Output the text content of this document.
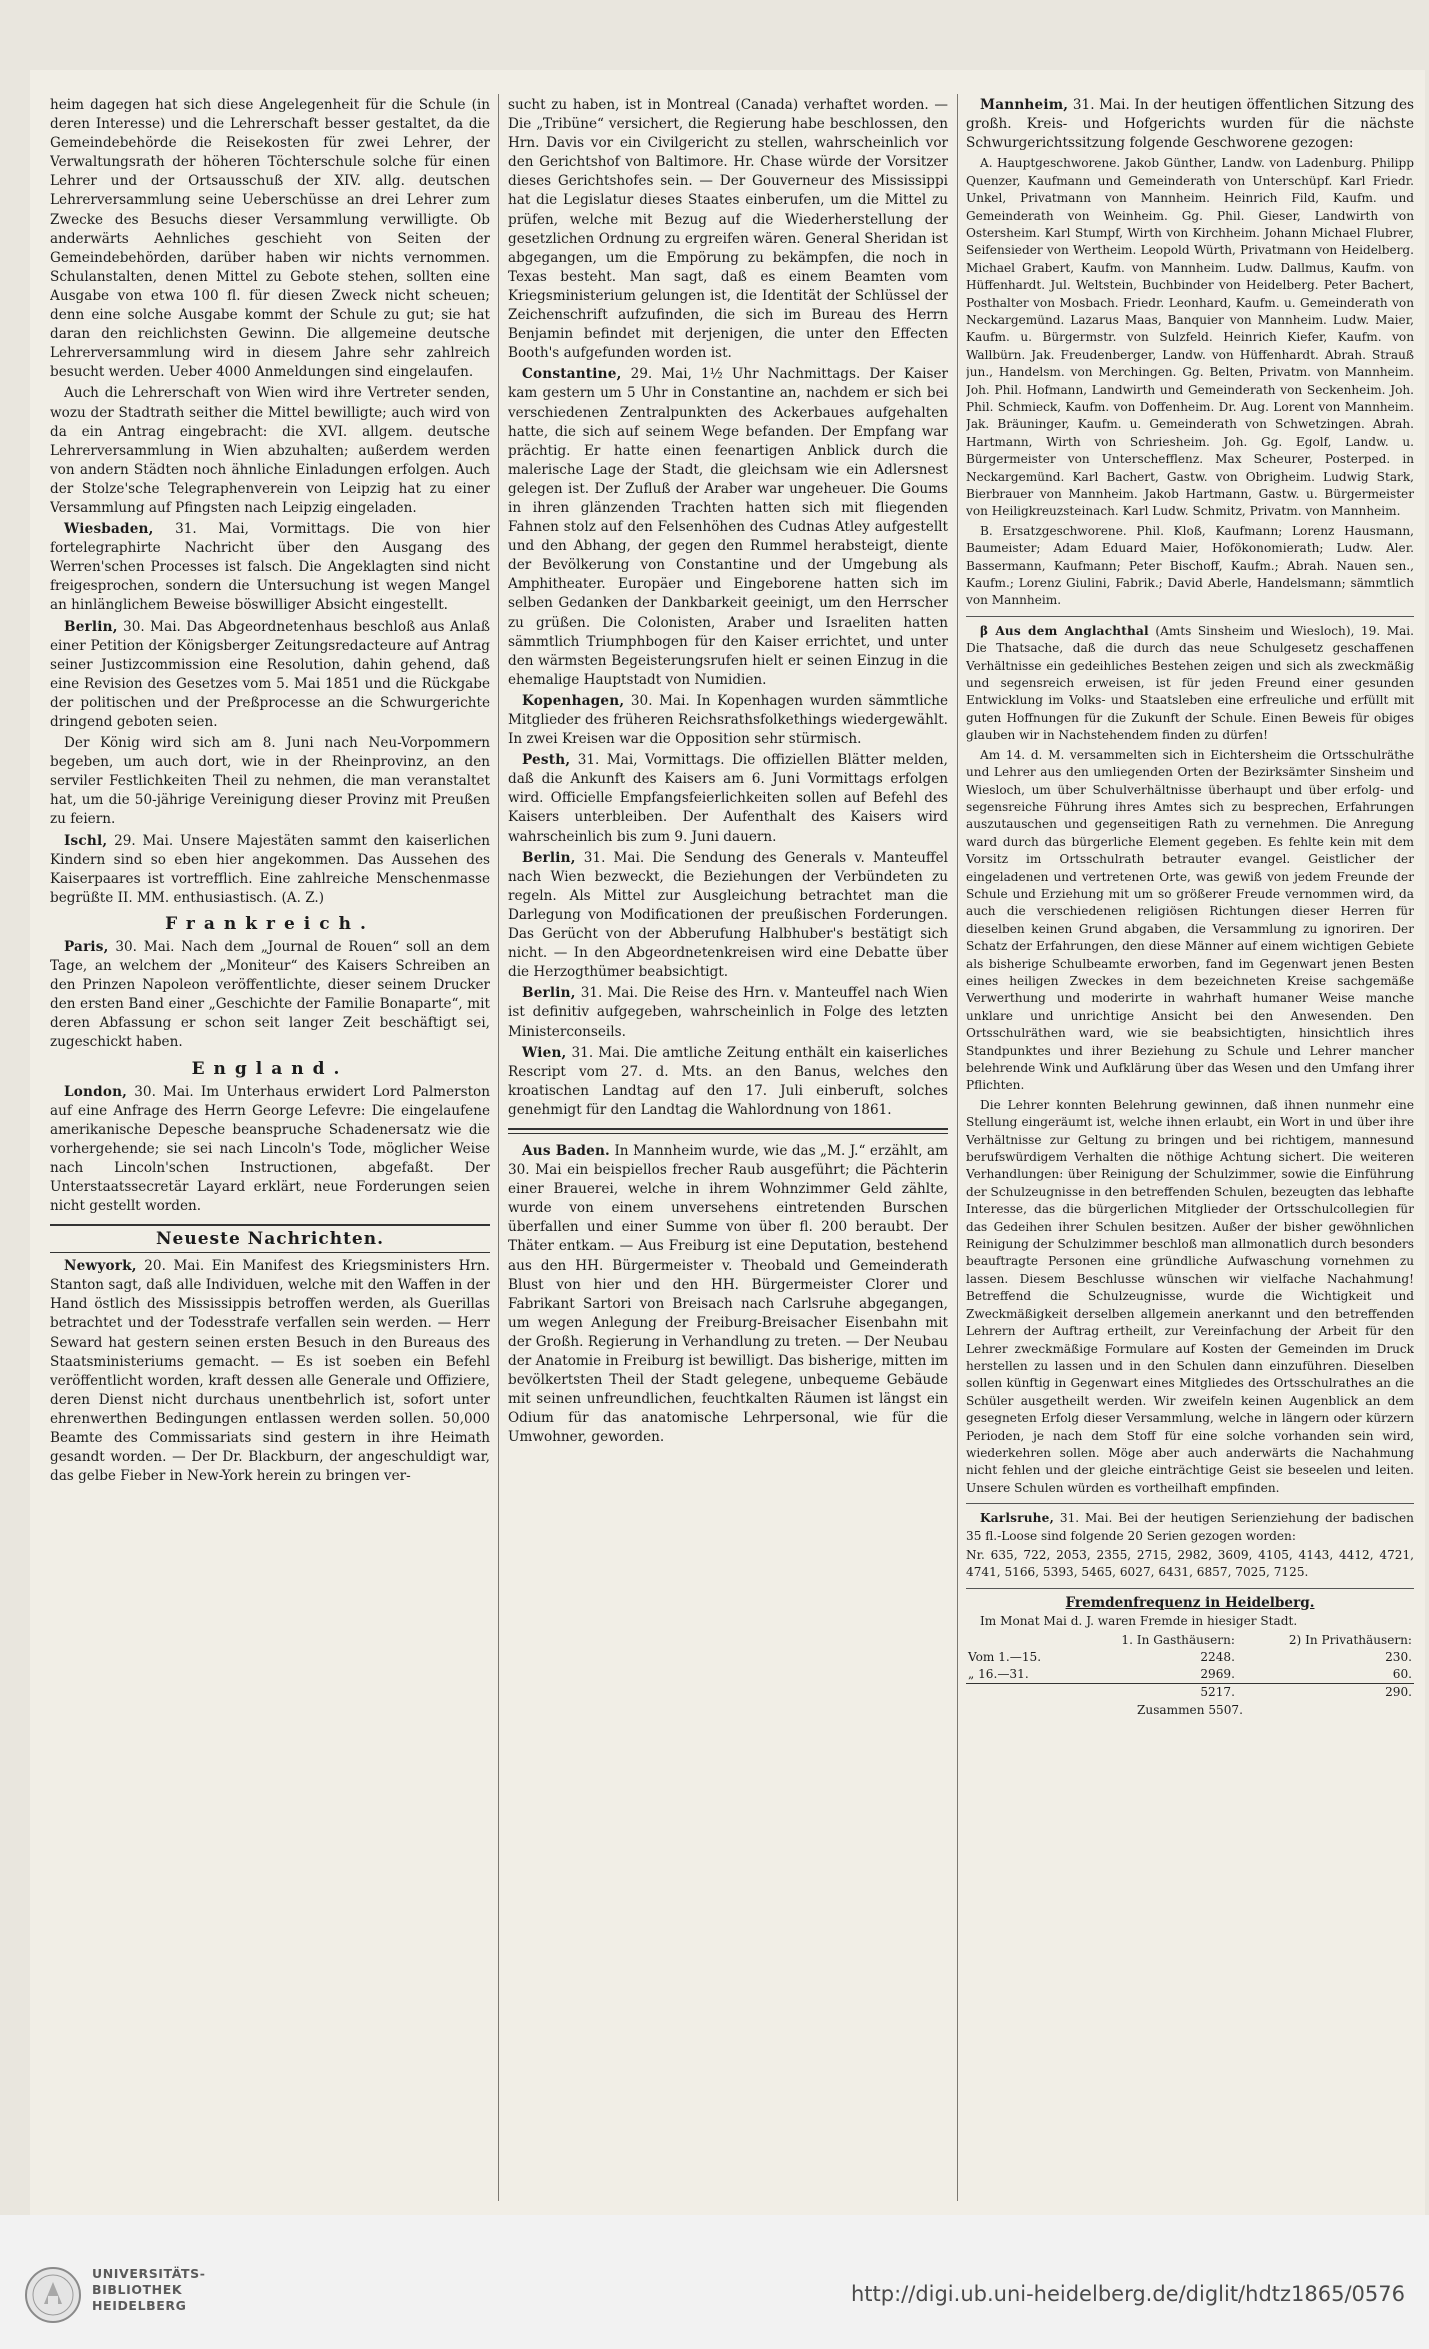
heim dagegen hat sich diese Angelegenheit für die Schule (in deren Interesse) und die Lehrerschaft besser gestaltet, da die Gemeindebehörde die Reisekosten für zwei Lehrer, der Verwaltungsrath der höheren Töchterschule solche für einen Lehrer und der Ortsausschuß der XIV. allg. deutschen Lehrerversammlung seine Ueberschüsse an drei Lehrer zum Zwecke des Besuchs dieser Versammlung verwilligte. Ob anderwärts Aehnliches geschieht von Seiten der Gemeindebehörden, darüber haben wir nichts vernommen. Schulanstalten, denen Mittel zu Gebote stehen, sollten eine Ausgabe von etwa 100 fl. für diesen Zweck nicht scheuen; denn eine solche Ausgabe kommt der Schule zu gut; sie hat daran den reichlichsten Gewinn. Die allgemeine deutsche Lehrerversammlung wird in diesem Jahre sehr zahlreich besucht werden. Ueber 4000 Anmeldungen sind eingelaufen.

Auch die Lehrerschaft von Wien wird ihre Vertreter senden, wozu der Stadtrath seither die Mittel bewilligte; auch wird von da ein Antrag eingebracht: die XVI. allgem. deutsche Lehrerversammlung in Wien abzuhalten; außerdem werden von andern Städten noch ähnliche Einladungen erfolgen. Auch der Stolze'sche Telegraphenverein von Leipzig hat zu einer Versammlung auf Pfingsten nach Leipzig eingeladen.

Wiesbaden, 31. Mai, Vormittags. Die von hier fortelegraphirte Nachricht über den Ausgang des Werren'schen Processes ist falsch. Die Angeklagten sind nicht freigesprochen, sondern die Untersuchung ist wegen Mangel an hinlänglichem Beweise böswilliger Absicht eingestellt.

Berlin, 30. Mai. Das Abgeordnetenhaus beschloß aus Anlaß einer Petition der Königsberger Zeitungsredacteure auf Antrag seiner Justizcommission eine Resolution, dahin gehend, daß eine Revision des Gesetzes vom 5. Mai 1851 und die Rückgabe der politischen und der Preßprocesse an die Schwurgerichte dringend geboten seien.

Der König wird sich am 8. Juni nach Neu-Vorpommern begeben, um auch dort, wie in der Rheinprovinz, an den serviler Festlichkeiten Theil zu nehmen, die man veranstaltet hat, um die 50-jährige Vereinigung dieser Provinz mit Preußen zu feiern.

Ischl, 29. Mai. Unsere Majestäten sammt den kaiserlichen Kindern sind so eben hier angekommen. Das Aussehen des Kaiserpaares ist vortrefflich. Eine zahlreiche Menschenmasse begrüßte II. MM. enthusiastisch. (A. Z.)

Frankreich.

Paris, 30. Mai. Nach dem „Journal de Rouen“ soll an dem Tage, an welchem der „Moniteur“ des Kaisers Schreiben an den Prinzen Napoleon veröffentlichte, dieser seinem Drucker den ersten Band einer „Geschichte der Familie Bonaparte“, mit deren Abfassung er schon seit langer Zeit beschäftigt sei, zugeschickt haben.

England.

London, 30. Mai. Im Unterhaus erwidert Lord Palmerston auf eine Anfrage des Herrn George Lefevre: Die eingelaufene amerikanische Depesche beanspruche Schadenersatz wie die vorhergehende; sie sei nach Lincoln's Tode, möglicher Weise nach Lincoln'schen Instructionen, abgefaßt. Der Unterstaatssecretär Layard erklärt, neue Forderungen seien nicht gestellt worden.

Neueste Nachrichten.

Newyork, 20. Mai. Ein Manifest des Kriegsministers Hrn. Stanton sagt, daß alle Individuen, welche mit den Waffen in der Hand östlich des Mississippis betroffen werden, als Guerillas betrachtet und der Todesstrafe verfallen sein werden. — Herr Seward hat gestern seinen ersten Besuch in den Bureaus des Staatsministeriums gemacht. — Es ist soeben ein Befehl veröffentlicht worden, kraft dessen alle Generale und Offiziere, deren Dienst nicht durchaus unentbehrlich ist, sofort unter ehrenwerthen Bedingungen entlassen werden sollen. 50,000 Beamte des Commissariats sind gestern in ihre Heimath gesandt worden. — Der Dr. Blackburn, der angeschuldigt war, das gelbe Fieber in New-York herein zu bringen ver-

sucht zu haben, ist in Montreal (Canada) verhaftet worden. — Die „Tribüne“ versichert, die Regierung habe beschlossen, den Hrn. Davis vor ein Civilgericht zu stellen, wahrscheinlich vor den Gerichtshof von Baltimore. Hr. Chase würde der Vorsitzer dieses Gerichtshofes sein. — Der Gouverneur des Mississippi hat die Legislatur dieses Staates einberufen, um die Mittel zu prüfen, welche mit Bezug auf die Wiederherstellung der gesetzlichen Ordnung zu ergreifen wären. General Sheridan ist abgegangen, um die Empörung zu bekämpfen, die noch in Texas besteht. Man sagt, daß es einem Beamten vom Kriegsministerium gelungen ist, die Identität der Schlüssel der Zeichenschrift aufzufinden, die sich im Bureau des Herrn Benjamin befindet mit derjenigen, die unter den Effecten Booth's aufgefunden worden ist.

Constantine, 29. Mai, 1½ Uhr Nachmittags. Der Kaiser kam gestern um 5 Uhr in Constantine an, nachdem er sich bei verschiedenen Zentralpunkten des Ackerbaues aufgehalten hatte, die sich auf seinem Wege befanden. Der Empfang war prächtig. Er hatte einen feenartigen Anblick durch die malerische Lage der Stadt, die gleichsam wie ein Adlersnest gelegen ist. Der Zufluß der Araber war ungeheuer. Die Goums in ihren glänzenden Trachten hatten sich mit fliegenden Fahnen stolz auf den Felsenhöhen des Cudnas Atley aufgestellt und den Abhang, der gegen den Rummel herabsteigt, diente der Bevölkerung von Constantine und der Umgebung als Amphitheater. Europäer und Eingeborene hatten sich im selben Gedanken der Dankbarkeit geeinigt, um den Herrscher zu grüßen. Die Colonisten, Araber und Israeliten hatten sämmtlich Triumphbogen für den Kaiser errichtet, und unter den wärmsten Begeisterungsrufen hielt er seinen Einzug in die ehemalige Hauptstadt von Numidien.

Kopenhagen, 30. Mai. In Kopenhagen wurden sämmtliche Mitglieder des früheren Reichsrathsfolkethings wiedergewählt. In zwei Kreisen war die Opposition sehr stürmisch.

Pesth, 31. Mai, Vormittags. Die offiziellen Blätter melden, daß die Ankunft des Kaisers am 6. Juni Vormittags erfolgen wird. Officielle Empfangsfeierlichkeiten sollen auf Befehl des Kaisers unterbleiben. Der Aufenthalt des Kaisers wird wahrscheinlich bis zum 9. Juni dauern.

Berlin, 31. Mai. Die Sendung des Generals v. Manteuffel nach Wien bezweckt, die Beziehungen der Verbündeten zu regeln. Als Mittel zur Ausgleichung betrachtet man die Darlegung von Modificationen der preußischen Forderungen. Das Gerücht von der Abberufung Halbhuber's bestätigt sich nicht. — In den Abgeordnetenkreisen wird eine Debatte über die Herzogthümer beabsichtigt.

Berlin, 31. Mai. Die Reise des Hrn. v. Manteuffel nach Wien ist definitiv aufgegeben, wahrscheinlich in Folge des letzten Ministerconseils.

Wien, 31. Mai. Die amtliche Zeitung enthält ein kaiserliches Rescript vom 27. d. Mts. an den Banus, welches den kroatischen Landtag auf den 17. Juli einberuft, solches genehmigt für den Landtag die Wahlordnung von 1861.

Aus Baden. In Mannheim wurde, wie das „M. J.“ erzählt, am 30. Mai ein beispiellos frecher Raub ausgeführt; die Pächterin einer Brauerei, welche in ihrem Wohnzimmer Geld zählte, wurde von einem unversehens eintretenden Burschen überfallen und einer Summe von über fl. 200 beraubt. Der Thäter entkam. — Aus Freiburg ist eine Deputation, bestehend aus den HH. Bürgermeister v. Theobald und Gemeinderath Blust von hier und den HH. Bürgermeister Clorer und Fabrikant Sartori von Breisach nach Carlsruhe abgegangen, um wegen Anlegung der Freiburg-Breisacher Eisenbahn mit der Großh. Regierung in Verhandlung zu treten. — Der Neubau der Anatomie in Freiburg ist bewilligt. Das bisherige, mitten im bevölkertsten Theil der Stadt gelegene, unbequeme Gebäude mit seinen unfreundlichen, feuchtkalten Räumen ist längst ein Odium für das anatomische Lehrpersonal, wie für die Umwohner, geworden.

Mannheim, 31. Mai. In der heutigen öffentlichen Sitzung des großh. Kreis- und Hofgerichts wurden für die nächste Schwurgerichtssitzung folgende Geschworene gezogen:

A. Hauptgeschworene. Jakob Günther, Landw. von Ladenburg. Philipp Quenzer, Kaufmann und Gemeinderath von Unterschüpf. Karl Friedr. Unkel, Privatmann von Mannheim. Heinrich Fild, Kaufm. und Gemeinderath von Weinheim. Gg. Phil. Gieser, Landwirth von Ostersheim. Karl Stumpf, Wirth von Kirchheim. Johann Michael Flubrer, Seifensieder von Wertheim. Leopold Würth, Privatmann von Heidelberg. Michael Grabert, Kaufm. von Mannheim. Ludw. Dallmus, Kaufm. von Hüffenhardt. Jul. Weltstein, Buchbinder von Heidelberg. Peter Bachert, Posthalter von Mosbach. Friedr. Leonhard, Kaufm. u. Gemeinderath von Neckargemünd. Lazarus Maas, Banquier von Mannheim. Ludw. Maier, Kaufm. u. Bürgermstr. von Sulzfeld. Heinrich Kiefer, Kaufm. von Wallbürn. Jak. Freudenberger, Landw. von Hüffenhardt. Abrah. Strauß jun., Handelsm. von Merchingen. Gg. Belten, Privatm. von Mannheim. Joh. Phil. Hofmann, Landwirth und Gemeinderath von Seckenheim. Joh. Phil. Schmieck, Kaufm. von Doffenheim. Dr. Aug. Lorent von Mannheim. Jak. Bräuninger, Kaufm. u. Gemeinderath von Schwetzingen. Abrah. Hartmann, Wirth von Schriesheim. Joh. Gg. Egolf, Landw. u. Bürgermeister von Unterschefflenz. Max Scheurer, Posterped. in Neckargemünd. Karl Bachert, Gastw. von Obrigheim. Ludwig Stark, Bierbrauer von Mannheim. Jakob Hartmann, Gastw. u. Bürgermeister von Heiligkreuzsteinach. Karl Ludw. Schmitz, Privatm. von Mannheim.

B. Ersatzgeschworene. Phil. Kloß, Kaufmann; Lorenz Hausmann, Baumeister; Adam Eduard Maier, Hofökonomierath; Ludw. Aler. Bassermann, Kaufmann; Peter Bischoff, Kaufm.; Abrah. Nauen sen., Kaufm.; Lorenz Giulini, Fabrik.; David Aberle, Handelsmann; sämmtlich von Mannheim.

β Aus dem Anglachthal (Amts Sinsheim und Wiesloch), 19. Mai. Die Thatsache, daß die durch das neue Schulgesetz geschaffenen Verhältnisse ein gedeihliches Bestehen zeigen und sich als zweckmäßig und segensreich erweisen, ist für jeden Freund einer gesunden Entwicklung im Volks- und Staatsleben eine erfreuliche und erfüllt mit guten Hoffnungen für die Zukunft der Schule. Einen Beweis für obiges glauben wir in Nachstehendem finden zu dürfen!

Am 14. d. M. versammelten sich in Eichtersheim die Ortsschulräthe und Lehrer aus den umliegenden Orten der Bezirksämter Sinsheim und Wiesloch, um über Schulverhältnisse überhaupt und über erfolg- und segensreiche Führung ihres Amtes sich zu besprechen, Erfahrungen auszutauschen und gegenseitigen Rath zu vernehmen. Die Anregung ward durch das bürgerliche Element gegeben. Es fehlte kein mit dem Vorsitz im Ortsschulrath betrauter evangel. Geistlicher der eingeladenen und vertretenen Orte, was gewiß von jedem Freunde der Schule und Erziehung mit um so größerer Freude vernommen wird, da auch die verschiedenen religiösen Richtungen dieser Herren für dieselben keinen Grund abgaben, die Versammlung zu ignoriren. Der Schatz der Erfahrungen, den diese Männer auf einem wichtigen Gebiete als bisherige Schulbeamte erworben, fand im Gegenwart jenen Besten eines heiligen Zweckes in dem bezeichneten Kreise sachgemäße Verwerthung und moderirte in wahrhaft humaner Weise manche unklare und unrichtige Ansicht bei den Anwesenden. Den Ortsschulräthen ward, wie sie beabsichtigten, hinsichtlich ihres Standpunktes und ihrer Beziehung zu Schule und Lehrer mancher belehrende Wink und Aufklärung über das Wesen und den Umfang ihrer Pflichten.

Die Lehrer konnten Belehrung gewinnen, daß ihnen nunmehr eine Stellung eingeräumt ist, welche ihnen erlaubt, ein Wort in und über ihre Verhältnisse zur Geltung zu bringen und bei richtigem, mannesund berufswürdigem Verhalten die nöthige Achtung sichert. Die weiteren Verhandlungen: über Reinigung der Schulzimmer, sowie die Einführung der Schulzeugnisse in den betreffenden Schulen, bezeugten das lebhafte Interesse, das die bürgerlichen Mitglieder der Ortsschulcollegien für das Gedeihen ihrer Schulen besitzen. Außer der bisher gewöhnlichen Reinigung der Schulzimmer beschloß man allmonatlich durch besonders beauftragte Personen eine gründliche Aufwaschung vornehmen zu lassen. Diesem Beschlusse wünschen wir vielfache Nachahmung! Betreffend die Schulzeugnisse, wurde die Wichtigkeit und Zweckmäßigkeit derselben allgemein anerkannt und den betreffenden Lehrern der Auftrag ertheilt, zur Vereinfachung der Arbeit für den Lehrer zweckmäßige Formulare auf Kosten der Gemeinden im Druck herstellen zu lassen und in den Schulen dann einzuführen. Dieselben sollen künftig in Gegenwart eines Mitgliedes des Ortsschulrathes an die Schüler ausgetheilt werden. Wir zweifeln keinen Augenblick an dem gesegneten Erfolg dieser Versammlung, welche in längern oder kürzern Perioden, je nach dem Stoff für eine solche vorhanden sein wird, wiederkehren sollen. Möge aber auch anderwärts die Nachahmung nicht fehlen und der gleiche einträchtige Geist sie beseelen und leiten. Unsere Schulen würden es vortheilhaft empfinden.

Karlsruhe, 31. Mai. Bei der heutigen Serienziehung der badischen 35 fl.-Loose sind folgende 20 Serien gezogen worden:

Nr. 635, 722, 2053, 2355, 2715, 2982, 3609, 4105, 4143, 4412, 4721, 4741, 5166, 5393, 5465, 6027, 6431, 6857, 7025, 7125.

Fremdenfrequenz in Heidelberg.

Im Monat Mai d. J. waren Fremde in hiesiger Stadt.

	1. In Gasthäusern:	2) In Privathäusern:
Vom 1.—15.	2248.	230.
„ 16.—31.	2969.	60.
	5217.	290.
Zusammen 5507.
UNIVERSITÄTS-
BIBLIOTHEK
HEIDELBERG	http://digi.ub.uni-heidelberg.de/diglit/hdtz1865/0576
